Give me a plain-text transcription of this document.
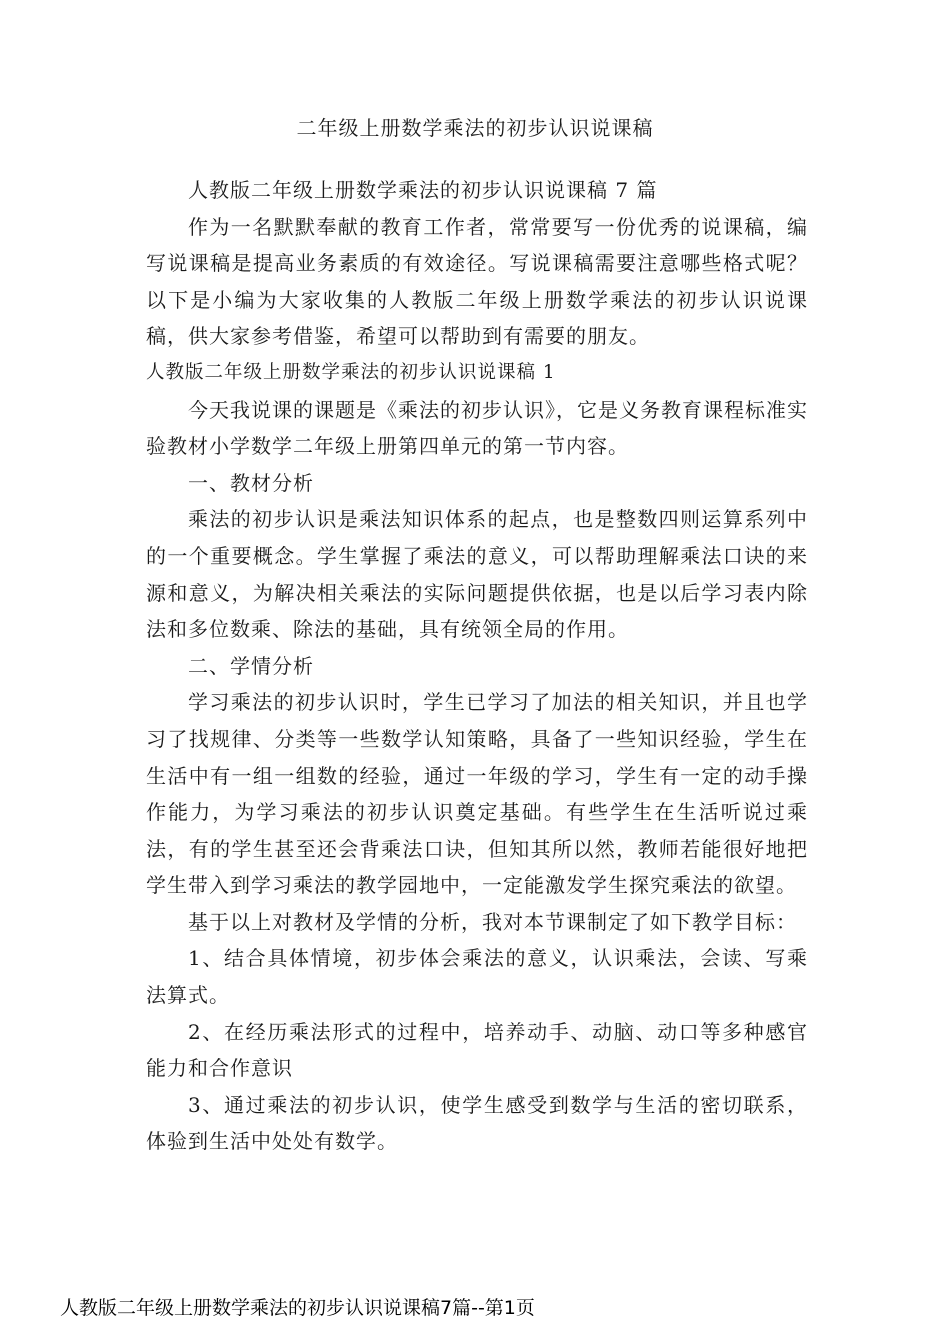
二年级上册数学乘法的初步认识说课稿

人教版二年级上册数学乘法的初步认识说课稿 7 篇

作为一名默默奉献的教育工作者，常常要写一份优秀的说课稿，编写说课稿是提高业务素质的有效途径。写说课稿需要注意哪些格式呢？以下是小编为大家收集的人教版二年级上册数学乘法的初步认识说课稿，供大家参考借鉴，希望可以帮助到有需要的朋友。

人教版二年级上册数学乘法的初步认识说课稿 1

今天我说课的课题是《乘法的初步认识》，它是义务教育课程标准实验教材小学数学二年级上册第四单元的第一节内容。

一、教材分析

乘法的初步认识是乘法知识体系的起点，也是整数四则运算系列中的一个重要概念。学生掌握了乘法的意义，可以帮助理解乘法口诀的来源和意义，为解决相关乘法的实际问题提供依据，也是以后学习表内除法和多位数乘、除法的基础，具有统领全局的作用。

二、学情分析

学习乘法的初步认识时，学生已学习了加法的相关知识，并且也学习了找规律、分类等一些数学认知策略，具备了一些知识经验，学生在生活中有一组一组数的经验，通过一年级的学习，学生有一定的动手操作能力，为学习乘法的初步认识奠定基础。有些学生在生活听说过乘法，有的学生甚至还会背乘法口诀，但知其所以然，教师若能很好地把学生带入到学习乘法的教学园地中，一定能激发学生探究乘法的欲望。

基于以上对教材及学情的分析，我对本节课制定了如下教学目标：

1、结合具体情境，初步体会乘法的意义，认识乘法，会读、写乘法算式。

2、在经历乘法形式的过程中，培养动手、动脑、动口等多种感官能力和合作意识

3、通过乘法的初步认识，使学生感受到数学与生活的密切联系，体验到生活中处处有数学。

人教版二年级上册数学乘法的初步认识说课稿7篇--第1页
